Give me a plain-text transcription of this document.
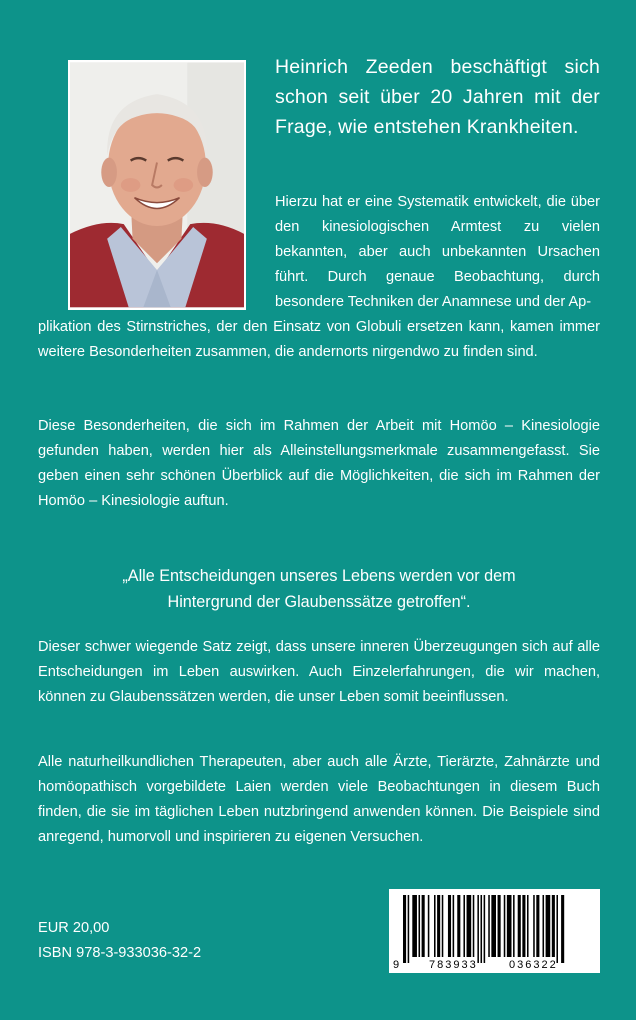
Heinrich Zeeden beschäftigt sich schon seit über 20 Jahren mit der Frage, wie entstehen Krankheiten.

Hierzu hat er eine Systematik entwickelt, die über den kinesiologischen Armtest zu vielen bekannten, aber auch unbekannten Ursachen führt. Durch genaue Beobachtung, durch besondere Techniken der Anamnese und der Ap-

plikation des Stirnstriches, der den Einsatz von Globuli ersetzen kann, kamen immer weitere Besonderheiten zusammen, die andernorts nirgendwo zu finden sind.

Diese Besonderheiten, die sich im Rahmen der Arbeit mit Homöo – Kinesiologie gefunden haben, werden hier als Alleinstellungsmerkmale zusammengefasst. Sie geben einen sehr schönen Überblick auf die Möglichkeiten, die sich im Rahmen der Homöo – Kinesiologie auftun.

„Alle Entscheidungen unseres Lebens werden vor dem
Hintergrund der Glaubenssätze getroffen“.

Dieser schwer wiegende Satz zeigt, dass unsere inneren Überzeugungen sich auf alle Entscheidungen im Leben auswirken. Auch Einzelerfahrungen, die wir machen, können zu Glaubenssätzen werden, die unser Leben somit beeinflussen.

Alle naturheilkundlichen Therapeuten, aber auch alle Ärzte, Tierärzte, Zahnärzte und homöopathisch vorgebildete Laien werden viele Beobachtungen in diesem Buch finden, die sie im täglichen Leben nutzbringend anwenden können. Die Beispiele sind anregend, humorvoll und inspirieren zu eigenen Versuchen.

EUR 20,00

ISBN 978-3-933036-32-2

9	783933	036322
